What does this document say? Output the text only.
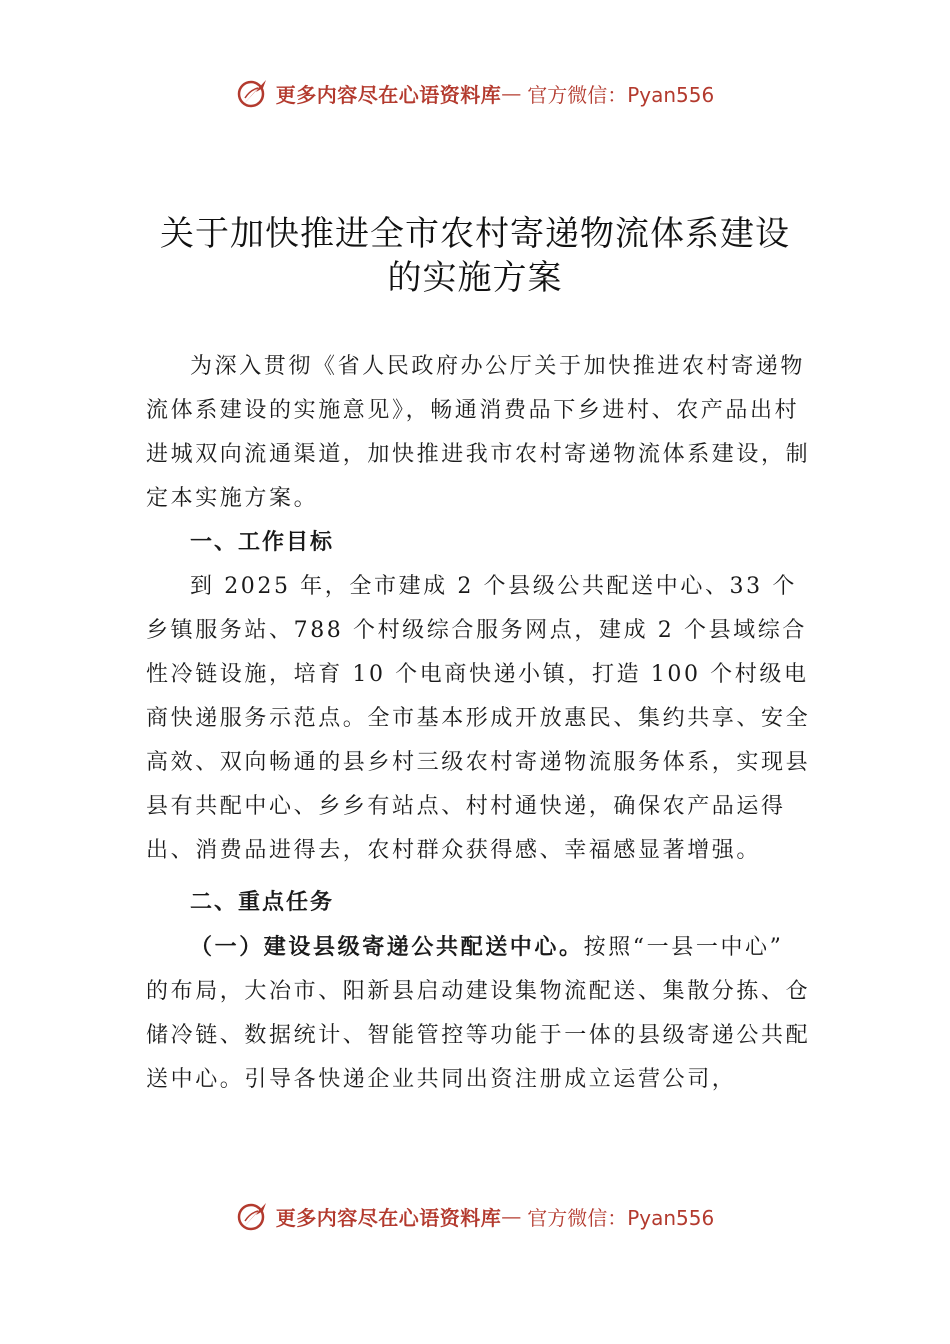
更多内容尽在心语资料库 — 官方微信：Pyan556
关于加快推进全市农村寄递物流体系建设
的实施方案

为深入贯彻《省人民政府办公厅关于加快推进农村寄递物流体系建设的实施意见》，畅通消费品下乡进村、农产品出村进城双向流通渠道，加快推进我市农村寄递物流体系建设，制定本实施方案。

一、工作目标

到 2025 年，全市建成 2 个县级公共配送中心、33 个乡镇服务站、788 个村级综合服务网点，建成 2 个县域综合性冷链设施，培育 10 个电商快递小镇，打造 100 个村级电商快递服务示范点。全市基本形成开放惠民、集约共享、安全高效、双向畅通的县乡村三级农村寄递物流服务体系，实现县县有共配中心、乡乡有站点、村村通快递，确保农产品运得出、消费品进得去，农村群众获得感、幸福感显著增强。

二、重点任务

（一）建设县级寄递公共配送中心。按照“一县一中心” 的布局，大冶市、阳新县启动建设集物流配送、集散分拣、仓储冷链、数据统计、智能管控等功能于一体的县级寄递公共配送中心。引导各快递企业共同出资注册成立运营公司，

更多内容尽在心语资料库 — 官方微信：Pyan556
